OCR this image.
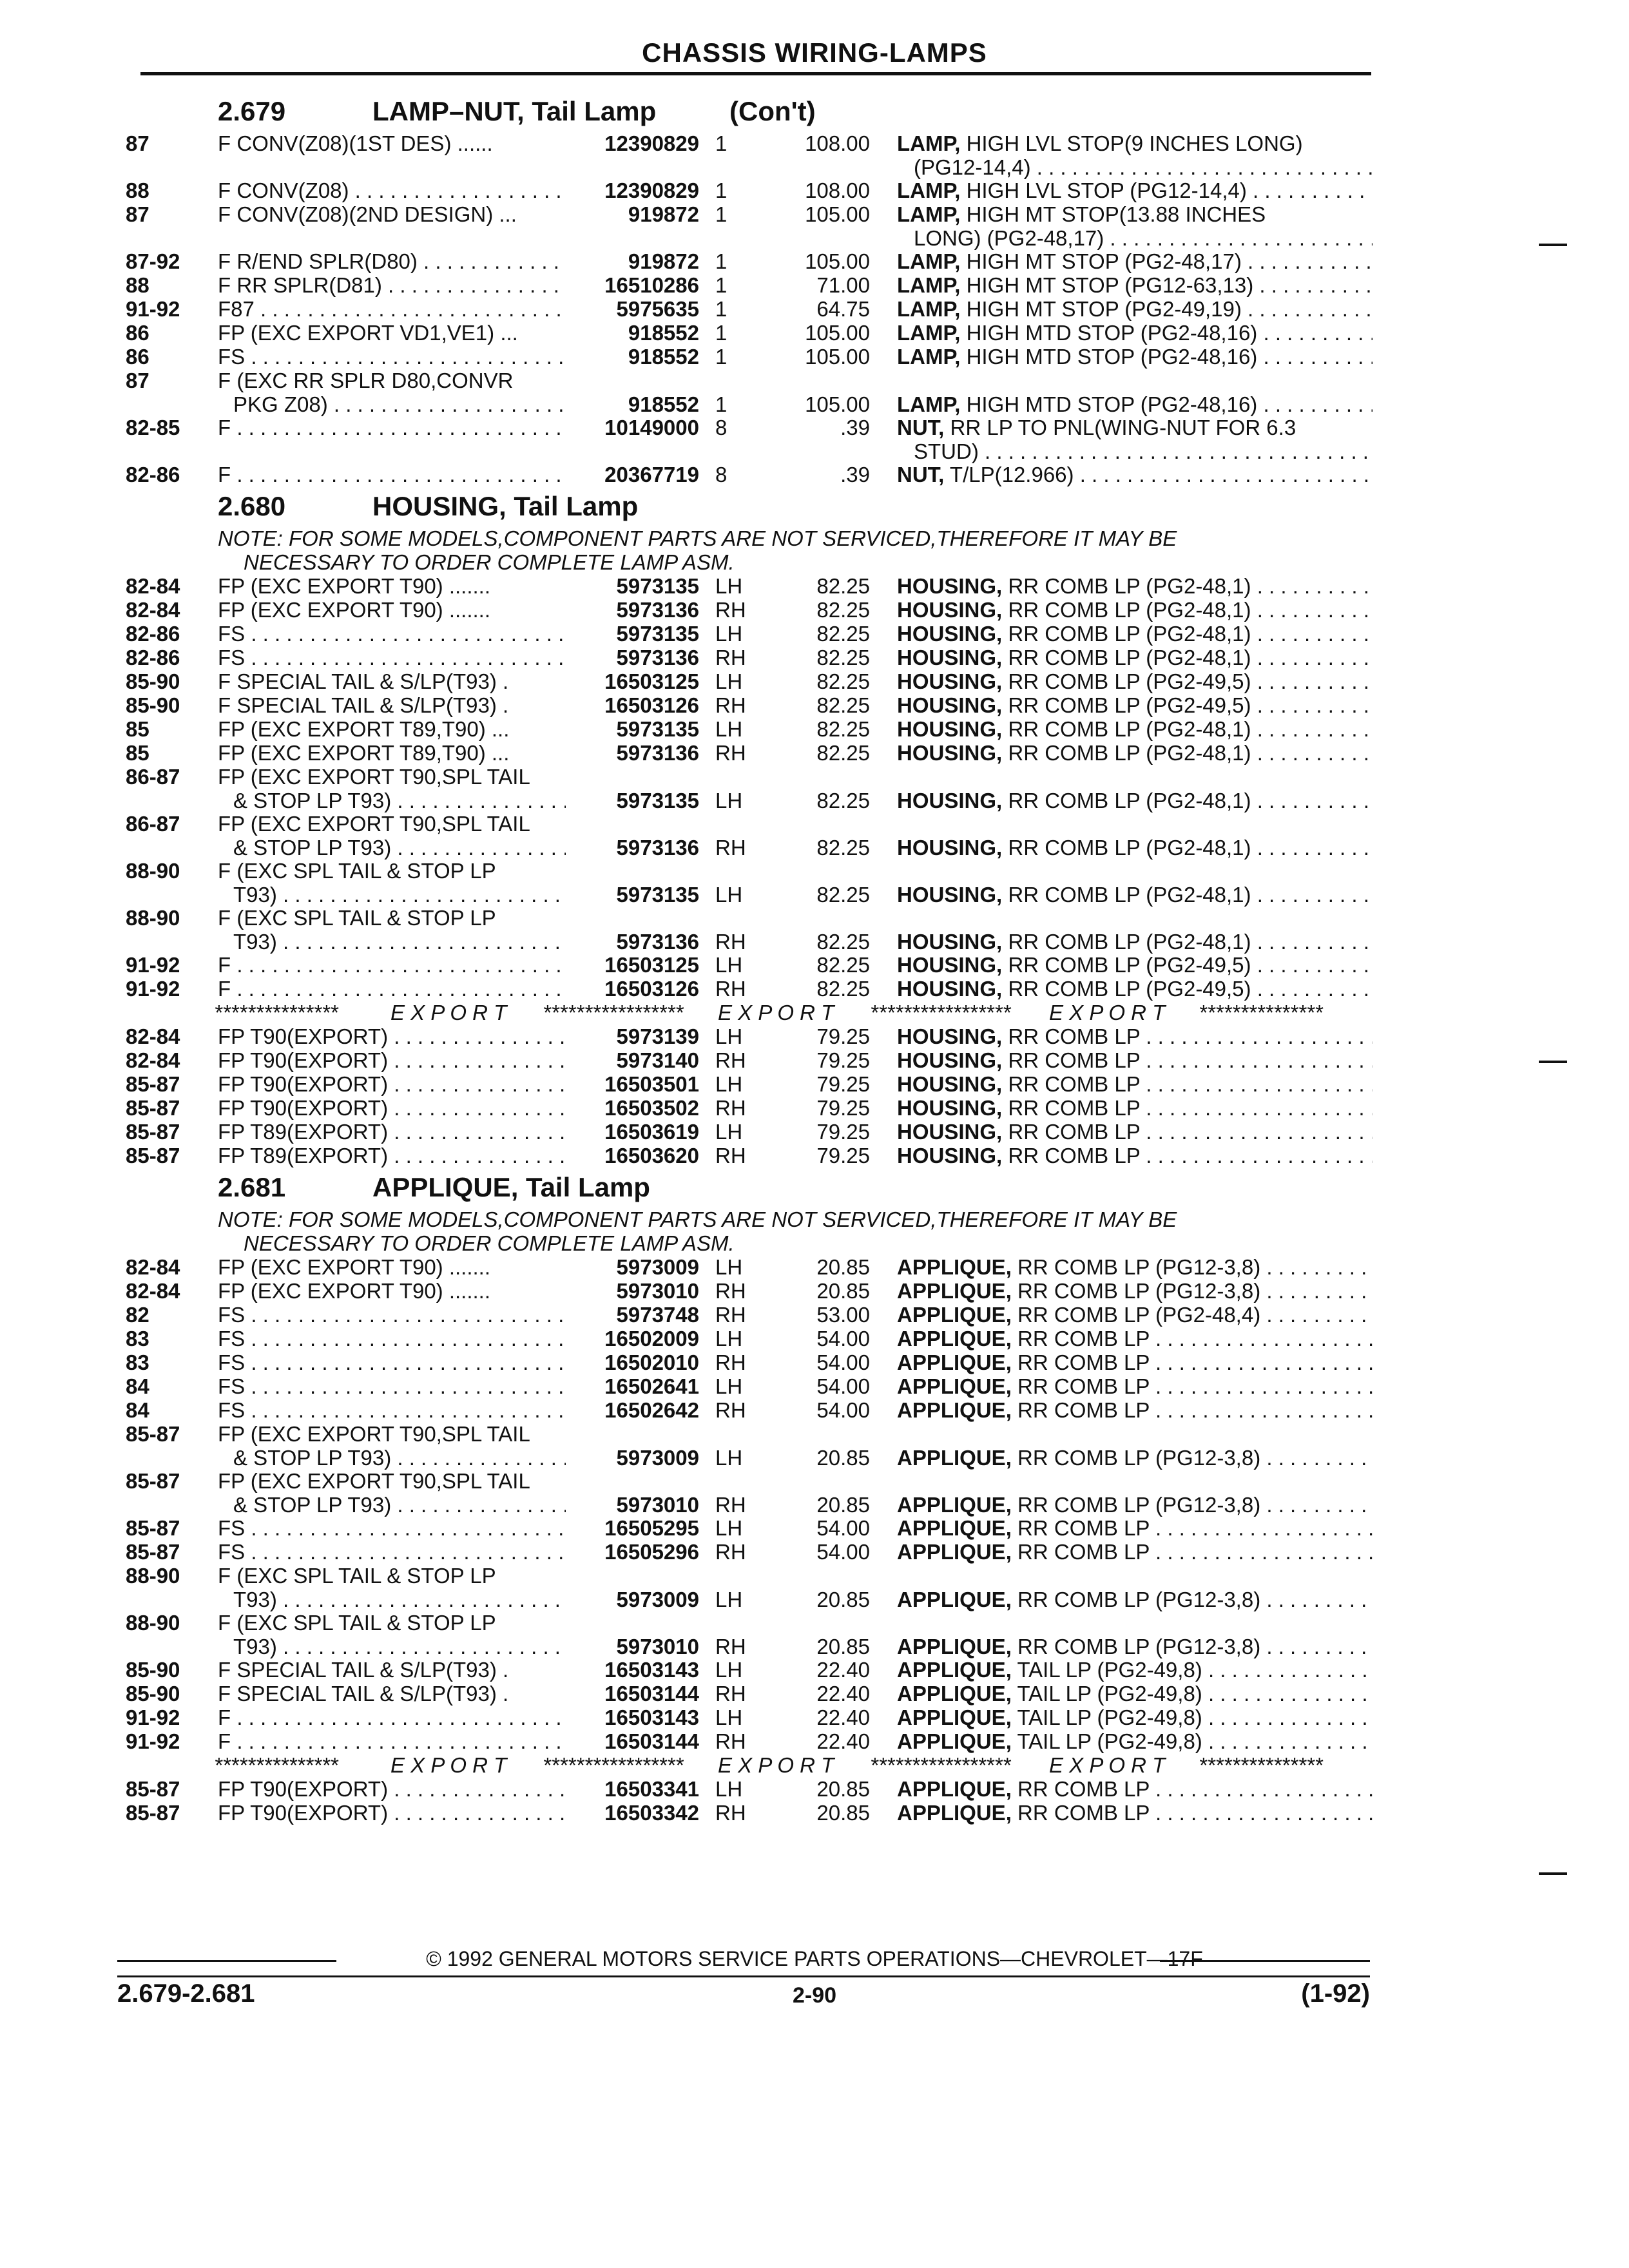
CHASSIS WIRING-LAMPS
2.679	LAMP–NUT, Tail Lamp	(Con't)
87	F CONV(Z08)(1ST DES) ......	12390829 1	108.00 LAMP, HIGH LVL STOP(9 INCHES LONG)
(PG12-14,4) . . .
88	F CONV(Z08) . . .	12390829 1	108.00 LAMP, HIGH LVL STOP (PG12-14,4) . . .
87	F CONV(Z08)(2ND DESIGN) ...	919872 1	105.00 LAMP, HIGH MT STOP(13.88 INCHES
LONG) (PG2-48,17) . . .
87-92	F R/END SPLR(D80) . . .	919872 1	105.00 LAMP, HIGH MT STOP (PG2-48,17) . . .
88	F RR SPLR(D81) . . .	16510286 1	71.00 LAMP, HIGH MT STOP (PG12-63,13) . . .
91-92	F87 . . .	5975635 1	64.75 LAMP, HIGH MT STOP (PG2-49,19) . . .
86	FP (EXC EXPORT VD1,VE1) ...	918552 1	105.00 LAMP, HIGH MTD STOP (PG2-48,16) . . .
86	FS . . .	918552 1	105.00 LAMP, HIGH MTD STOP (PG2-48,16) . . .
87	F (EXC RR SPLR D80,CONVR
PKG Z08) . . .	918552 1	105.00 LAMP, HIGH MTD STOP (PG2-48,16) . . .
82-85	F . . .	10149000 8	.39 NUT, RR LP TO PNL(WING-NUT FOR 6.3
STUD) . . .
82-86	F . . .	20367719 8	.39 NUT, T/LP(12.966) . . .
2.680	HOUSING, Tail Lamp
NOTE: FOR SOME MODELS,COMPONENT PARTS ARE NOT SERVICED,THEREFORE IT MAY BE
NECESSARY TO ORDER COMPLETE LAMP ASM.
82-84	FP (EXC EXPORT T90) .......	5973135 LH	82.25 HOUSING, RR COMB LP (PG2-48,1) . . .
82-84	FP (EXC EXPORT T90) .......	5973136 RH	82.25 HOUSING, RR COMB LP (PG2-48,1) . . .
82-86	FS . . .	5973135 LH	82.25 HOUSING, RR COMB LP (PG2-48,1) . . .
82-86	FS . . .	5973136 RH	82.25 HOUSING, RR COMB LP (PG2-48,1) . . .
85-90	F SPECIAL TAIL & S/LP(T93) .	16503125 LH	82.25 HOUSING, RR COMB LP (PG2-49,5) . . .
85-90	F SPECIAL TAIL & S/LP(T93) .	16503126 RH	82.25 HOUSING, RR COMB LP (PG2-49,5) . . .
85	FP (EXC EXPORT T89,T90) ...	5973135 LH	82.25 HOUSING, RR COMB LP (PG2-48,1) . . .
85	FP (EXC EXPORT T89,T90) ...	5973136 RH	82.25 HOUSING, RR COMB LP (PG2-48,1) . . .
86-87	FP (EXC EXPORT T90,SPL TAIL
& STOP LP T93) . . .	5973135 LH	82.25 HOUSING, RR COMB LP (PG2-48,1) . . .
86-87	FP (EXC EXPORT T90,SPL TAIL
& STOP LP T93) . . .	5973136 RH	82.25 HOUSING, RR COMB LP (PG2-48,1) . . .
88-90	F (EXC SPL TAIL & STOP LP
T93) . . .	5973135 LH	82.25 HOUSING, RR COMB LP (PG2-48,1) . . .
88-90	F (EXC SPL TAIL & STOP LP
T93) . . .	5973136 RH	82.25 HOUSING, RR COMB LP (PG2-48,1) . . .
91-92	F . . .	16503125 LH	82.25 HOUSING, RR COMB LP (PG2-49,5) . . .
91-92	F . . .	16503126 RH	82.25 HOUSING, RR COMB LP (PG2-49,5) . . .
*************** E X P O R T ***************** E X P O R T ***************** E X P O R T ***************
82-84	FP T90(EXPORT) . . .	5973139 LH	79.25 HOUSING, RR COMB LP . . .
82-84	FP T90(EXPORT) . . .	5973140 RH	79.25 HOUSING, RR COMB LP . . .
85-87	FP T90(EXPORT) . . .	16503501 LH	79.25 HOUSING, RR COMB LP . . .
85-87	FP T90(EXPORT) . . .	16503502 RH	79.25 HOUSING, RR COMB LP . . .
85-87	FP T89(EXPORT) . . .	16503619 LH	79.25 HOUSING, RR COMB LP . . .
85-87	FP T89(EXPORT) . . .	16503620 RH	79.25 HOUSING, RR COMB LP . . .
2.681	APPLIQUE, Tail Lamp
NOTE: FOR SOME MODELS,COMPONENT PARTS ARE NOT SERVICED,THEREFORE IT MAY BE
NECESSARY TO ORDER COMPLETE LAMP ASM.
82-84	FP (EXC EXPORT T90) .......	5973009 LH	20.85 APPLIQUE, RR COMB LP (PG12-3,8) . . .
82-84	FP (EXC EXPORT T90) .......	5973010 RH	20.85 APPLIQUE, RR COMB LP (PG12-3,8) . . .
82	FS . . .	5973748 RH	53.00 APPLIQUE, RR COMB LP (PG2-48,4) . . .
83	FS . . .	16502009 LH	54.00 APPLIQUE, RR COMB LP . . .
83	FS . . .	16502010 RH	54.00 APPLIQUE, RR COMB LP . . .
84	FS . . .	16502641 LH	54.00 APPLIQUE, RR COMB LP . . .
84	FS . . .	16502642 RH	54.00 APPLIQUE, RR COMB LP . . .
85-87	FP (EXC EXPORT T90,SPL TAIL
& STOP LP T93) . . .	5973009 LH	20.85 APPLIQUE, RR COMB LP (PG12-3,8) . . .
85-87	FP (EXC EXPORT T90,SPL TAIL
& STOP LP T93) . . .	5973010 RH	20.85 APPLIQUE, RR COMB LP (PG12-3,8) . . .
85-87	FS . . .	16505295 LH	54.00 APPLIQUE, RR COMB LP . . .
85-87	FS . . .	16505296 RH	54.00 APPLIQUE, RR COMB LP . . .
88-90	F (EXC SPL TAIL & STOP LP
T93) . . .	5973009 LH	20.85 APPLIQUE, RR COMB LP (PG12-3,8) . . .
88-90	F (EXC SPL TAIL & STOP LP
T93) . . .	5973010 RH	20.85 APPLIQUE, RR COMB LP (PG12-3,8) . . .
85-90	F SPECIAL TAIL & S/LP(T93) .	16503143 LH	22.40 APPLIQUE, TAIL LP (PG2-49,8) . . .
85-90	F SPECIAL TAIL & S/LP(T93) .	16503144 RH	22.40 APPLIQUE, TAIL LP (PG2-49,8) . . .
91-92	F . . .	16503143 LH	22.40 APPLIQUE, TAIL LP (PG2-49,8) . . .
91-92	F . . .	16503144 RH	22.40 APPLIQUE, TAIL LP (PG2-49,8) . . .
*************** E X P O R T ***************** E X P O R T ***************** E X P O R T ***************
85-87	FP T90(EXPORT) . . .	16503341 LH	20.85 APPLIQUE, RR COMB LP . . .
85-87	FP T90(EXPORT) . . .	16503342 RH	20.85 APPLIQUE, RR COMB LP . . .
© 1992 GENERAL MOTORS SERVICE PARTS OPERATIONS—CHEVROLET—17F
2.679-2.681	2-90	(1-92)
